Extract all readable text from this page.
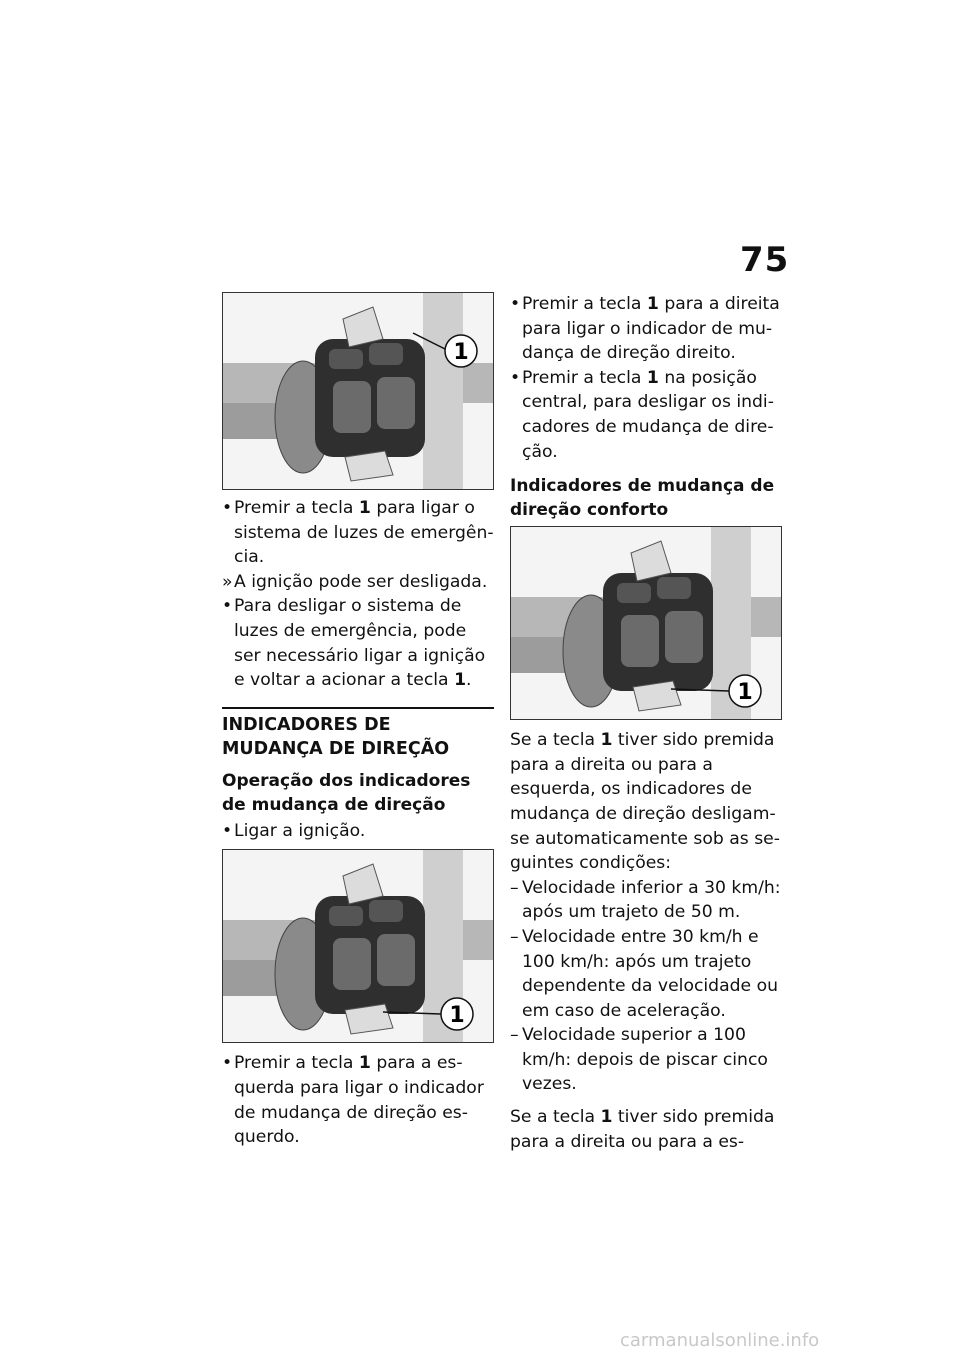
75
1
• Premir a tecla 1 para ligar o sistema de luzes de emergência.
» A ignição pode ser desligada.
• Para desligar o sistema de luzes de emergência, pode ser necessário ligar a ignição e voltar a acionar a tecla 1.
INDICADORES DE MUDANÇA DE DIREÇÃO
Operação dos indicadores de mudança de direção
• Ligar a ignição.
1
• Premir a tecla 1 para a esquerda para ligar o indicador de mudança de direção esquerdo.
• Premir a tecla 1 para a direita para ligar o indicador de mudança de direção direito.
• Premir a tecla 1 na posição central, para desligar os indicadores de mudança de direção.
Indicadores de mudança de direção conforto
1

Se a tecla 1 tiver sido premida para a direita ou para a esquerda, os indicadores de mudança de direção desligam-se automaticamente sob as seguintes condições:

– Velocidade inferior a 30 km/h: após um trajeto de 50 m.
– Velocidade entre 30 km/h e 100 km/h: após um trajeto dependente da velocidade ou em caso de aceleração.
– Velocidade superior a 100 km/h: depois de piscar cinco vezes.

Se a tecla 1 tiver sido premida para a direita ou para a es-

carmanualsonline.info
